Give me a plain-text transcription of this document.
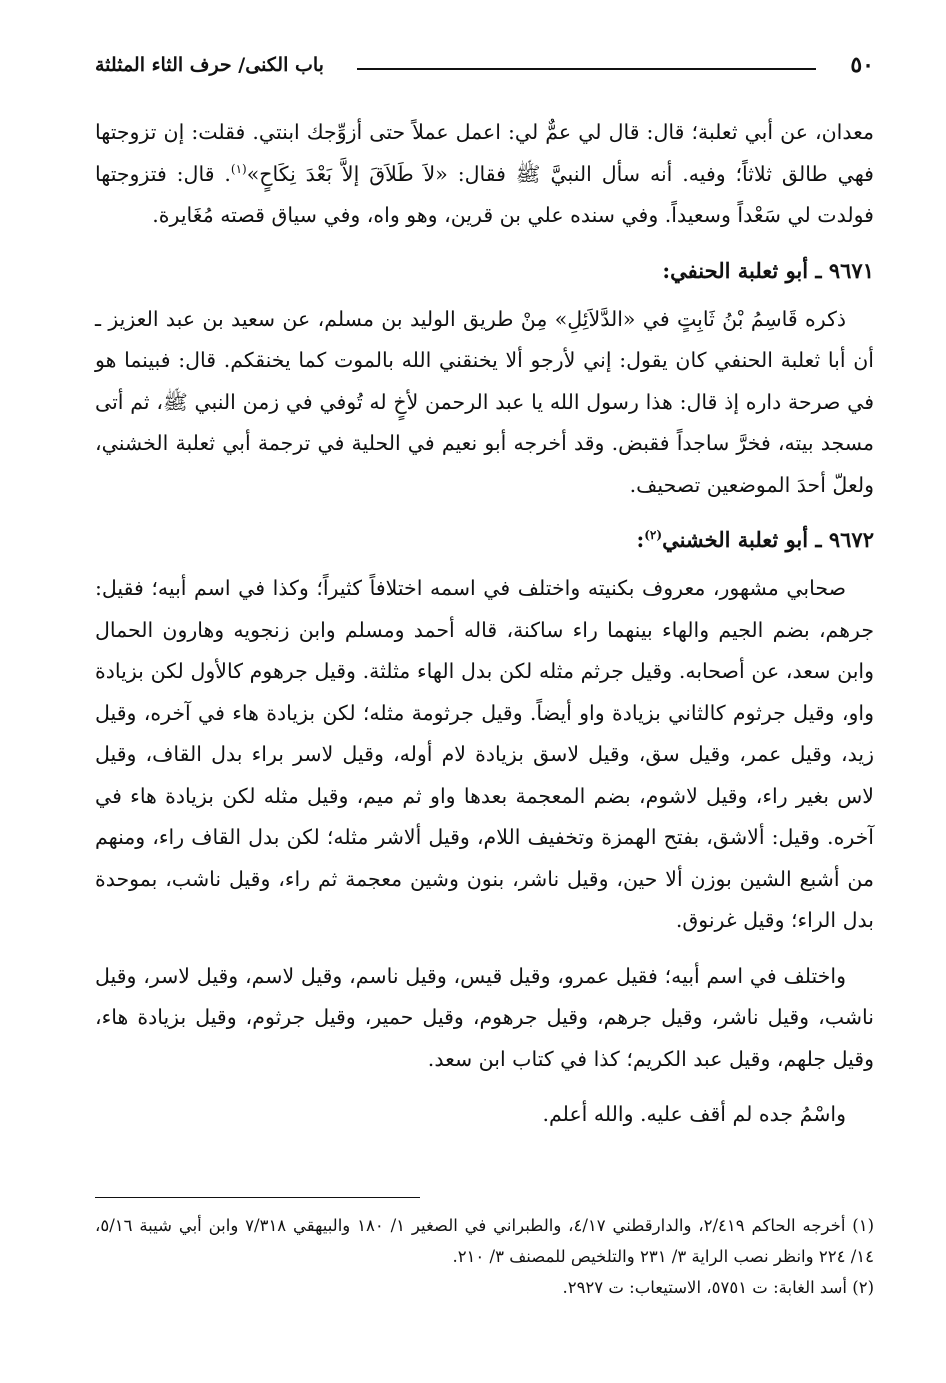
٥٠
باب الكنى/ حرف الثاء المثلثة

معدان، عن أبي ثعلبة؛ قال: قال لي عمٌّ لي: اعمل عملاً حتى أزوِّجك ابنتي. فقلت: إن تزوجتها فهي طالق ثلاثاً؛ وفيه. أنه سأل النبيَّ ﷺ فقال: «لاَ طَلاَقَ إلاَّ بَعْدَ نِكَاحٍ»$^{(١)}$. قال: فتزوجتها فولدت لي سَعْداً وسعيداً. وفي سنده علي بن قرين، وهو واه، وفي سياق قصته مُغَايرة.

٩٦٧١ ـ أبو ثعلبة الحنفي:

ذكره قَاسِمُ بْنُ ثَابِتٍ في «الدَّلاَئِلِ» مِنْ طريق الوليد بن مسلم، عن سعيد بن عبد العزيز ـ أن أبا ثعلبة الحنفي كان يقول: إني لأرجو ألا يخنقني الله بالموت كما يخنقكم. قال: فبينما هو في صرحة داره إذ قال: هذا رسول الله يا عبد الرحمن لأخٍ له تُوفي في زمن النبي ﷺ، ثم أتى مسجد بيته، فخرَّ ساجداً فقبض. وقد أخرجه أبو نعيم في الحلية في ترجمة أبي ثعلبة الخشني، ولعلّ أحدَ الموضعين تصحيف.

٩٦٧٢ ـ أبو ثعلبة الخشني$^{(٢)}$:

صحابي مشهور، معروف بكنيته واختلف في اسمه اختلافاً كثيراً؛ وكذا في اسم أبيه؛ فقيل: جرهم، بضم الجيم والهاء بينهما راء ساكنة، قاله أحمد ومسلم وابن زنجويه وهارون الحمال وابن سعد، عن أصحابه. وقيل جرثم مثله لكن بدل الهاء مثلثة. وقيل جرهوم كالأول لكن بزيادة واو، وقيل جرثوم كالثاني بزيادة واو أيضاً. وقيل جرثومة مثله؛ لكن بزيادة هاء في آخره، وقيل زيد، وقيل عمر، وقيل سق، وقيل لاسق بزيادة لام أوله، وقيل لاسر براء بدل القاف، وقيل لاس بغير راء، وقيل لاشوم، بضم المعجمة بعدها واو ثم ميم، وقيل مثله لكن بزيادة هاء في آخره. وقيل: ألاشق، بفتح الهمزة وتخفيف اللام، وقيل ألاشر مثله؛ لكن بدل القاف راء، ومنهم من أشبع الشين بوزن ألا حين، وقيل ناشر، بنون وشين معجمة ثم راء، وقيل ناشب، بموحدة بدل الراء؛ وقيل غرنوق.

واختلف في اسم أبيه؛ فقيل عمرو، وقيل قيس، وقيل ناسم، وقيل لاسم، وقيل لاسر، وقيل ناشب، وقيل ناشر، وقيل جرهم، وقيل جرهوم، وقيل حمير، وقيل جرثوم، وقيل بزيادة هاء، وقيل جلهم، وقيل عبد الكريم؛ كذا في كتاب ابن سعد.

واسْمُ جده لم أقف عليه. والله أعلم.

(١) أخرجه الحاكم ٢/٤١٩، والدارقطني ٤/١٧، والطبراني في الصغير ١/ ١٨٠ والبيهقي ٧/٣١٨ وابن أبي شيبة ٥/١٦، ١٤/ ٢٢٤ وانظر نصب الراية ٣/ ٢٣١ والتلخيص للمصنف ٣/ ٢١٠.

(٢) أسد الغابة: ت ٥٧٥١، الاستيعاب: ت ٢٩٢٧.
